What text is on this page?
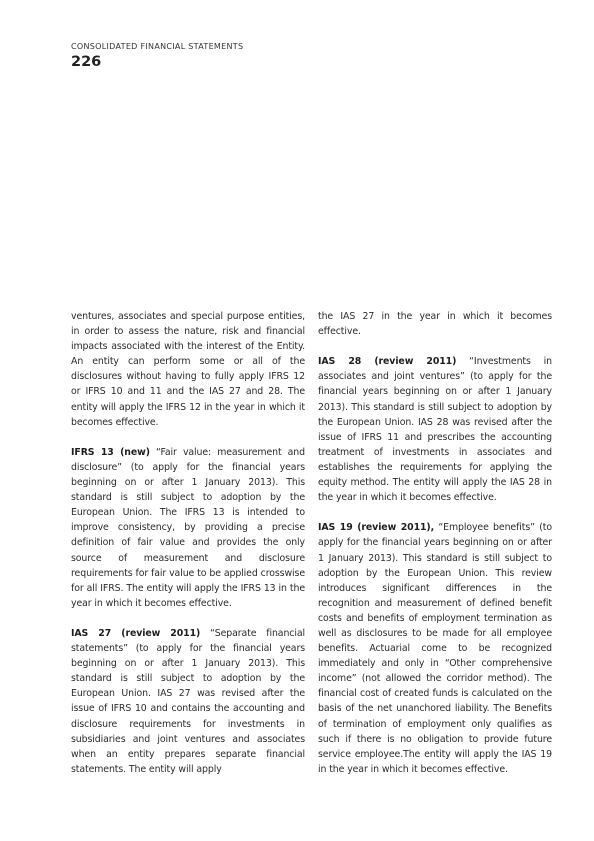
CONSOLIDATED FINANCIAL STATEMENTS
226

ventures, associates and special purpose entities, in order to assess the nature, risk and financial impacts associated with the interest of the Entity. An entity can perform some or all of the disclosures without having to fully apply IFRS 12 or IFRS 10 and 11 and the IAS 27 and 28. The entity will apply the IFRS 12 in the year in which it becomes effective.

IFRS 13 (new) “Fair value: measurement and disclosure” (to apply for the financial years beginning on or after 1 January 2013). This standard is still subject to adoption by the European Union. The IFRS 13 is intended to improve consistency, by providing a precise definition of fair value and provides the only source of measurement and disclosure requirements for fair value to be applied crosswise for all IFRS. The entity will apply the IFRS 13 in the year in which it becomes effective.

IAS 27 (review 2011) “Separate financial statements” (to apply for the financial years beginning on or after 1 January 2013). This standard is still subject to adoption by the European Union. IAS 27 was revised after the issue of IFRS 10 and contains the accounting and disclosure requirements for investments in subsidiaries and joint ventures and associates when an entity prepares separate financial statements. The entity will apply

the IAS 27 in the year in which it becomes effective.

IAS 28 (review 2011) “Investments in associates and joint ventures” (to apply for the financial years beginning on or after 1 January 2013). This standard is still subject to adoption by the European Union. IAS 28 was revised after the issue of IFRS 11 and prescribes the accounting treatment of investments in associates and establishes the requirements for applying the equity method. The entity will apply the IAS 28 in the year in which it becomes effective.

IAS 19 (review 2011), “Employee benefits” (to apply for the financial years beginning on or after 1 January 2013). This standard is still subject to adoption by the European Union. This review introduces significant differences in the recognition and measurement of defined benefit costs and benefits of employment termination as well as disclosures to be made for all employee benefits. Actuarial come to be recognized immediately and only in “Other comprehensive income” (not allowed the corridor method). The financial cost of created funds is calculated on the basis of the net unanchored liability. The Benefits of termination of employment only qualifies as such if there is no obligation to provide future service employee.The entity will apply the IAS 19 in the year in which it becomes effective.
